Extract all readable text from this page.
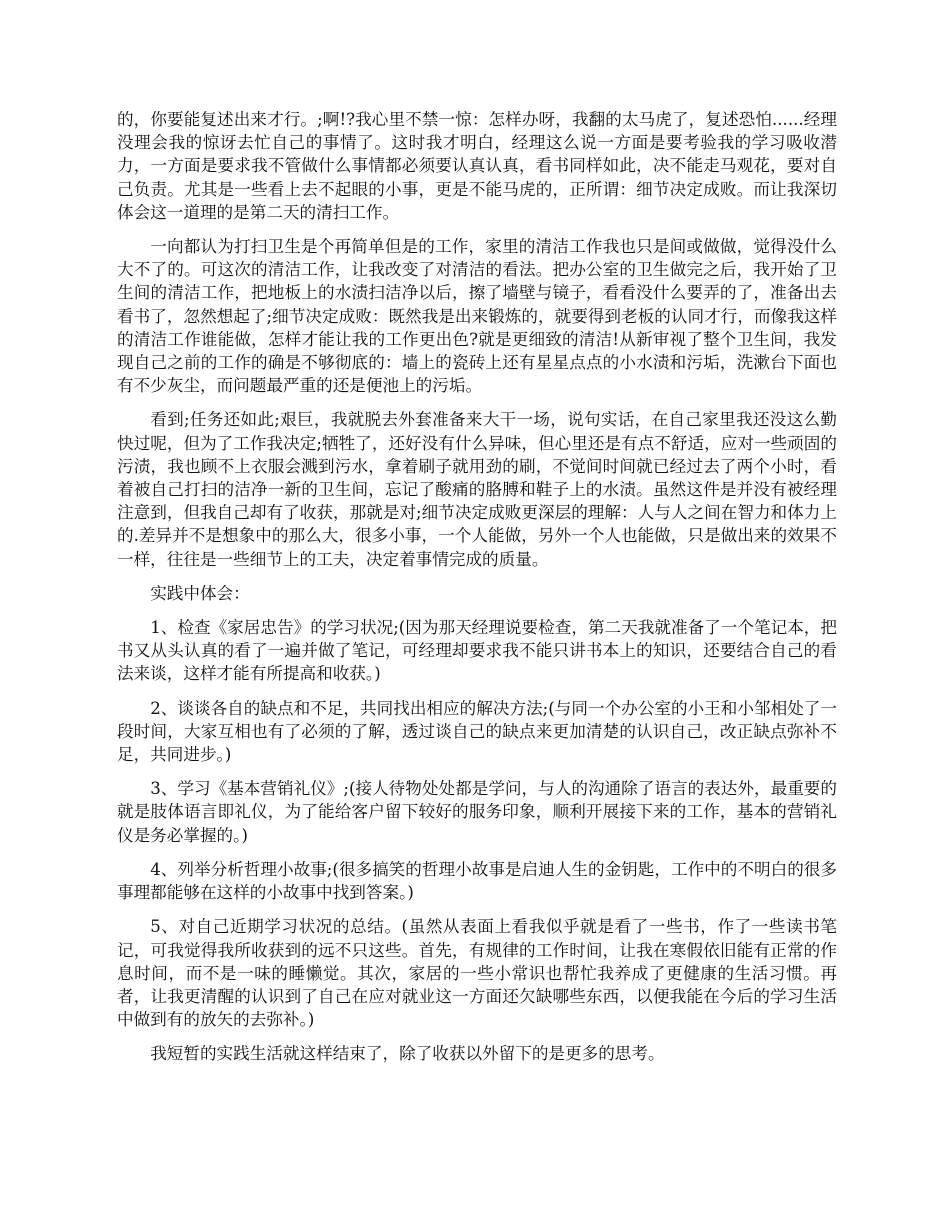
的，你要能复述出来才行。;啊!?我心里不禁一惊：怎样办呀，我翻的太马虎了，复述恐怕......经理没理会我的惊讶去忙自己的事情了。这时我才明白，经理这么说一方面是要考验我的学习吸收潜力，一方面是要求我不管做什么事情都必须要认真认真，看书同样如此，决不能走马观花，要对自己负责。尤其是一些看上去不起眼的小事，更是不能马虎的，正所谓：细节决定成败。而让我深切体会这一道理的是第二天的清扫工作。

一向都认为打扫卫生是个再简单但是的工作，家里的清洁工作我也只是间或做做，觉得没什么大不了的。可这次的清洁工作，让我改变了对清洁的看法。把办公室的卫生做完之后，我开始了卫生间的清洁工作，把地板上的水渍扫洁净以后，擦了墙壁与镜子，看看没什么要弄的了，准备出去看书了，忽然想起了;细节决定成败：既然我是出来锻炼的，就要得到老板的认同才行，而像我这样的清洁工作谁能做，怎样才能让我的工作更出色?就是更细致的清洁!从新审视了整个卫生间，我发现自己之前的工作的确是不够彻底的：墙上的瓷砖上还有星星点点的小水渍和污垢，洗漱台下面也有不少灰尘，而问题最严重的还是便池上的污垢。

看到;任务还如此;艰巨，我就脱去外套准备来大干一场，说句实话，在自己家里我还没这么勤快过呢，但为了工作我决定;牺牲了，还好没有什么异味，但心里还是有点不舒适，应对一些顽固的污渍，我也顾不上衣服会溅到污水，拿着刷子就用劲的刷，不觉间时间就已经过去了两个小时，看着被自己打扫的洁净一新的卫生间，忘记了酸痛的胳膊和鞋子上的水渍。虽然这件是并没有被经理注意到，但我自己却有了收获，那就是对;细节决定成败更深层的理解：人与人之间在智力和体力上的.差异并不是想象中的那么大，很多小事，一个人能做，另外一个人也能做，只是做出来的效果不一样，往往是一些细节上的工夫，决定着事情完成的质量。

实践中体会：

1、检查《家居忠告》的学习状况;(因为那天经理说要检查，第二天我就准备了一个笔记本，把书又从头认真的看了一遍并做了笔记，可经理却要求我不能只讲书本上的知识，还要结合自己的看法来谈，这样才能有所提高和收获。)

2、谈谈各自的缺点和不足，共同找出相应的解决方法;(与同一个办公室的小王和小邹相处了一段时间，大家互相也有了必须的了解，透过谈自己的缺点来更加清楚的认识自己，改正缺点弥补不足，共同进步。)

3、学习《基本营销礼仪》;(接人待物处处都是学问，与人的沟通除了语言的表达外，最重要的就是肢体语言即礼仪，为了能给客户留下较好的服务印象，顺利开展接下来的工作，基本的营销礼仪是务必掌握的。)

4、列举分析哲理小故事;(很多搞笑的哲理小故事是启迪人生的金钥匙，工作中的不明白的很多事理都能够在这样的小故事中找到答案。)

5、对自己近期学习状况的总结。(虽然从表面上看我似乎就是看了一些书，作了一些读书笔记，可我觉得我所收获到的远不只这些。首先，有规律的工作时间，让我在寒假依旧能有正常的作息时间，而不是一味的睡懒觉。其次，家居的一些小常识也帮忙我养成了更健康的生活习惯。再者，让我更清醒的认识到了自己在应对就业这一方面还欠缺哪些东西，以便我能在今后的学习生活中做到有的放矢的去弥补。)

我短暂的实践生活就这样结束了，除了收获以外留下的是更多的思考。
